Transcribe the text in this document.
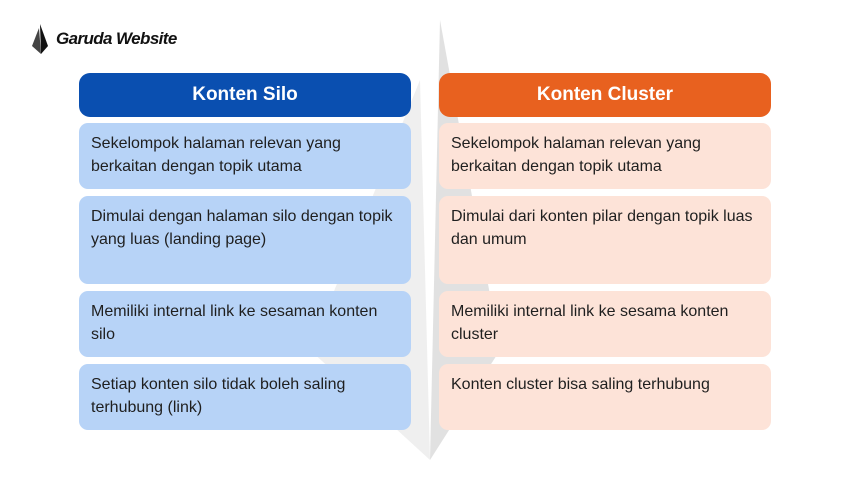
Garuda Website
Konten Silo
Sekelompok halaman relevan yang berkaitan dengan topik utama
Dimulai dengan halaman silo dengan topik yang luas (landing page)
Memiliki internal link ke sesaman konten silo
Setiap konten silo tidak boleh saling terhubung (link)
Konten Cluster
Sekelompok halaman relevan yang berkaitan dengan topik utama
Dimulai dari konten pilar dengan topik luas dan umum
Memiliki internal link ke sesama konten cluster
Konten cluster bisa saling terhubung
